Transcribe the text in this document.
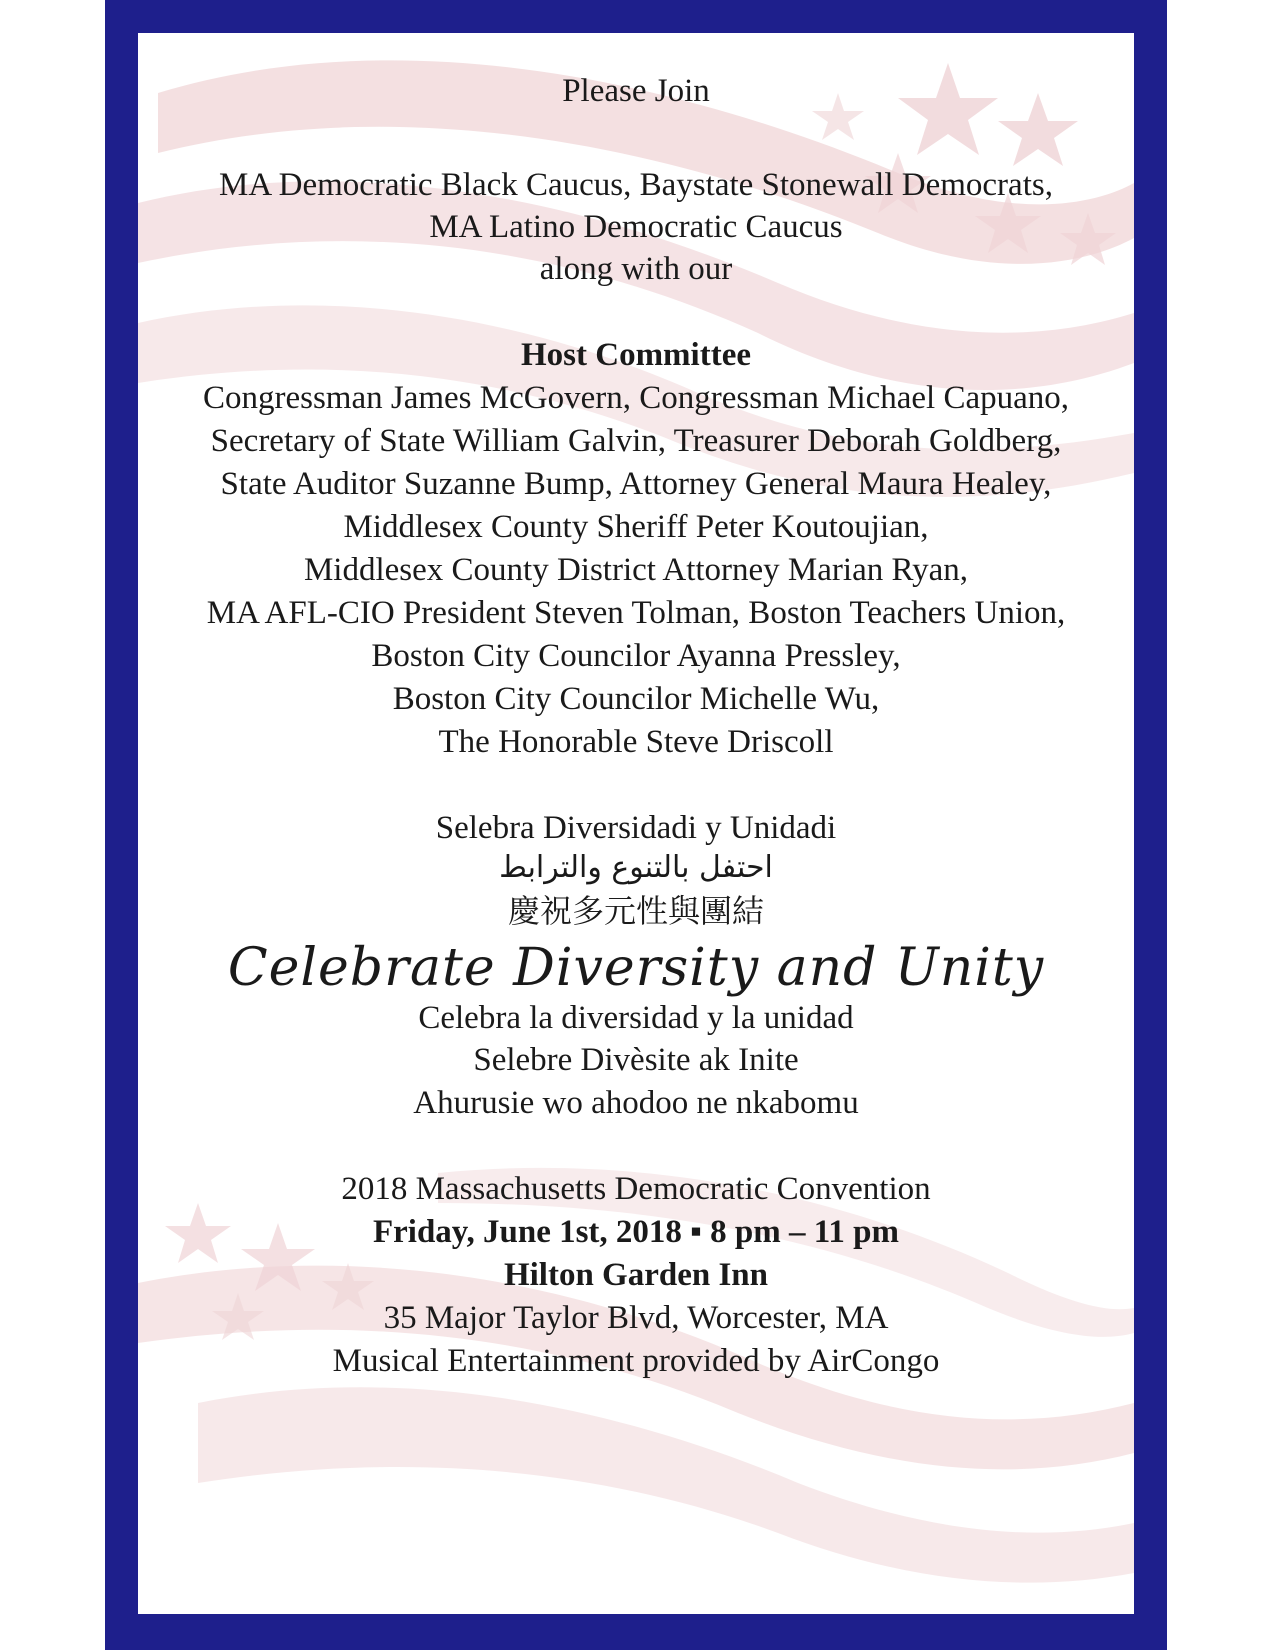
Please Join
MA Democratic Black Caucus, Baystate Stonewall Democrats,
MA Latino Democratic Caucus
along with our
Host Committee
Congressman James McGovern, Congressman Michael Capuano,
Secretary of State William Galvin, Treasurer Deborah Goldberg,
State Auditor Suzanne Bump, Attorney General Maura Healey,
Middlesex County Sheriff Peter Koutoujian,
Middlesex County District Attorney Marian Ryan,
MA AFL-CIO President Steven Tolman, Boston Teachers Union,
Boston City Councilor Ayanna Pressley,
Boston City Councilor Michelle Wu,
The Honorable Steve Driscoll
Selebra Diversidadi y Unidadi
احتفل بالتنوع والترابط
慶祝多元性與團結
Celebrate Diversity and Unity
Celebra la diversidad y la unidad
Selebre Divèsite ak Inite
Ahurusie wo ahodoo ne nkabomu
2018 Massachusetts Democratic Convention
Friday, June 1st, 2018 ▪ 8 pm – 11 pm
Hilton Garden Inn
35 Major Taylor Blvd, Worcester, MA
Musical Entertainment provided by AirCongo
